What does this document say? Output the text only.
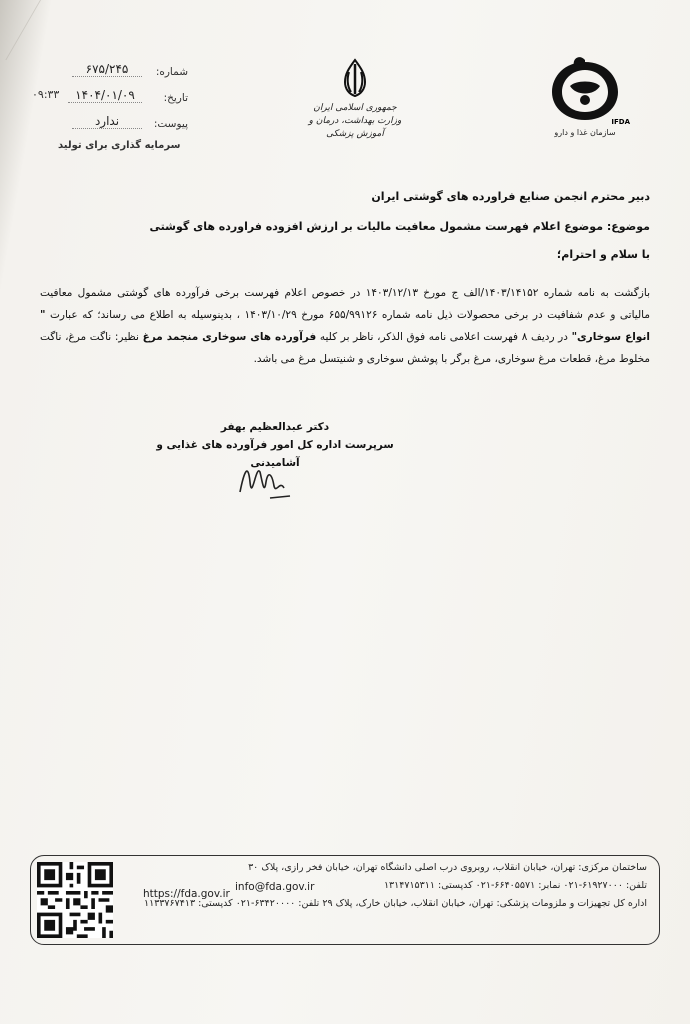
شماره:
۶۷۵/۲۴۵
تاریخ:
۱۴۰۴/۰۱/۰۹
۰۹:۳۳
پیوست:
ندارد
سرمایه گذاری برای تولید
جمهوری اسلامی ایران
وزارت بهداشت، درمان و آموزش پزشکی	سازمان غذا و دارو
IFDA
دبیر محترم انجمن صنایع فراورده های گوشتی ایران
موضوع: موضوع اعلام فهرست مشمول معافیت مالیات بر ارزش افزوده فراورده های گوشتی
با سلام و احترام؛
بازگشت به نامه شماره ۱۴۰۳/۱۴۱۵۲/الف ج مورخ ۱۴۰۳/۱۲/۱۳ در خصوص اعلام فهرست برخی فرآورده های گوشتی مشمول معافیت مالیاتی و عدم شفافیت در برخی محصولات ذیل نامه شماره ۶۵۵/۹۹۱۲۶ مورخ ۱۴۰۳/۱۰/۲۹ ، بدینوسیله به اطلاع می رساند؛ که عبارت " انواع سوخاری" در ردیف ۸ فهرست اعلامی نامه فوق الذکر، ناظر بر کلیه فرآورده های سوخاری منجمد مرغ نظیر: ناگت مرغ، ناگت مخلوط مرغ، قطعات مرغ سوخاری، مرغ برگر با پوشش سوخاری و شنیتسل مرغ می باشد.
دکتر عبدالعظیم بهفر
سرپرست اداره کل امور فرآورده های غذایی و آشامیدنی
ساختمان مرکزی: تهران، خیابان انقلاب، روبروی درب اصلی دانشگاه تهران، خیابان فخر رازی، پلاک ۳۰
تلفن: ۶۱۹۲۷۰۰۰-۰۲۱ نمابر: ۶۶۴۰۵۵۷۱-۰۲۱ کدپستی: ۱۳۱۴۷۱۵۳۱۱
اداره کل تجهیزات و ملزومات پزشکی: تهران، خیابان انقلاب، خیابان خارک، پلاک ۲۹ تلفن: ۶۳۴۲۰۰۰۰-۰۲۱ کدپستی: ۱۱۳۳۷۶۷۴۱۳
info@fda.gov.ir
https://fda.gov.ir
